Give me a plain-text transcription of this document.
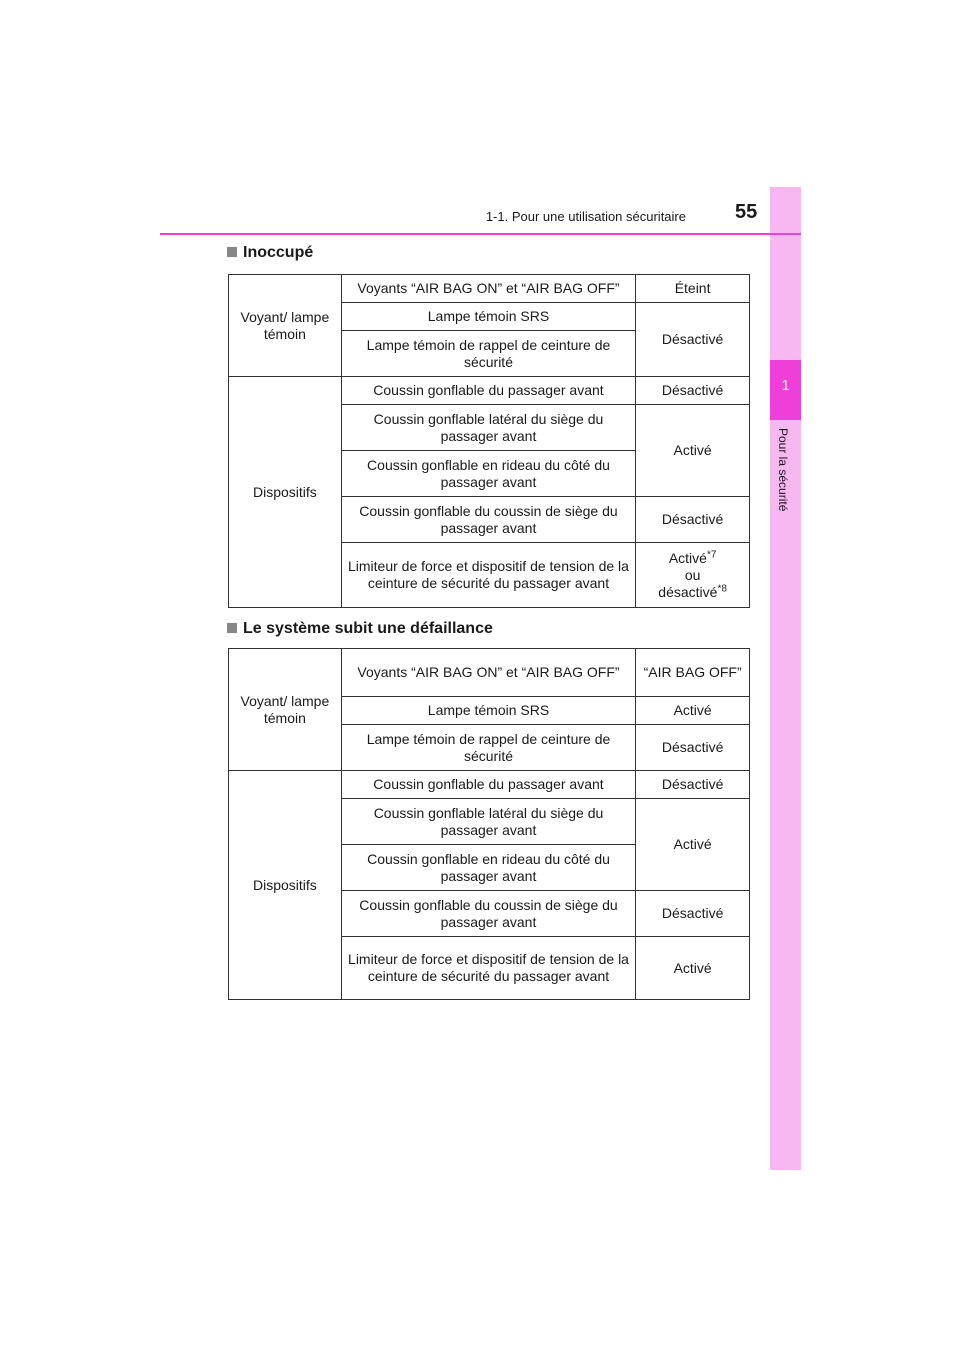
1
Pour la sécurité
1-1. Pour une utilisation sécuritaire 55
Inoccupé
Voyant/ lampe témoin	Voyants “AIR BAG ON” et “AIR BAG OFF”	Éteint
	Lampe témoin SRS	Désactivé
	Lampe témoin de rappel de ceinture de sécurité	
Dispositifs	Coussin gonflable du passager avant	Désactivé
	Coussin gonflable latéral du siège du passager avant	Activé
	Coussin gonflable en rideau du côté du passager avant	
	Coussin gonflable du coussin de siège du passager avant	Désactivé
	Limiteur de force et dispositif de tension de la ceinture de sécurité du passager avant	Activé$^{*7}$
ou
désactivé$^{*8}$
Le système subit une défaillance
Voyant/ lampe témoin	Voyants “AIR BAG ON” et “AIR BAG OFF”	“AIR BAG OFF”
	Lampe témoin SRS	Activé
	Lampe témoin de rappel de ceinture de sécurité	Désactivé
Dispositifs	Coussin gonflable du passager avant	Désactivé
	Coussin gonflable latéral du siège du passager avant	Activé
	Coussin gonflable en rideau du côté du passager avant	
	Coussin gonflable du coussin de siège du passager avant	Désactivé
	Limiteur de force et dispositif de tension de la ceinture de sécurité du passager avant	Activé
